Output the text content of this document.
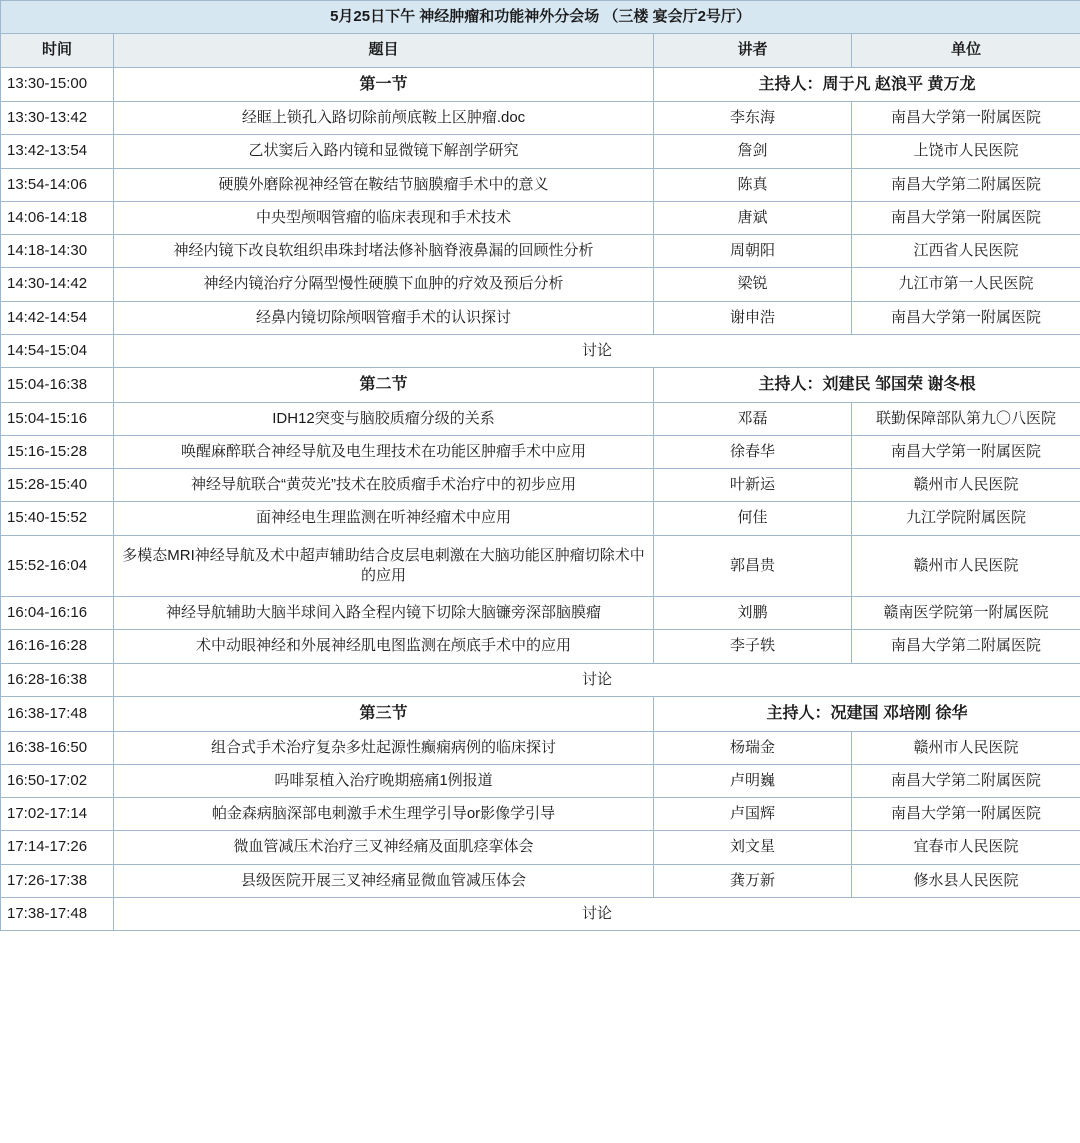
5月25日下午 神经肿瘤和功能神外分会场 （三楼 宴会厅2号厅）			
时间	题目	讲者	单位
13:30-15:00	第一节	主持人：周于凡 赵浪平 黄万龙	
13:30-13:42	经眶上锁孔入路切除前颅底鞍上区肿瘤.doc	李东海	南昌大学第一附属医院
13:42-13:54	乙状窦后入路内镜和显微镜下解剖学研究	詹剑	上饶市人民医院
13:54-14:06	硬膜外磨除视神经管在鞍结节脑膜瘤手术中的意义	陈真	南昌大学第二附属医院
14:06-14:18	中央型颅咽管瘤的临床表现和手术技术	唐斌	南昌大学第一附属医院
14:18-14:30	神经内镜下改良软组织串珠封堵法修补脑脊液鼻漏的回顾性分析	周朝阳	江西省人民医院
14:30-14:42	神经内镜治疗分隔型慢性硬膜下血肿的疗效及预后分析	梁锐	九江市第一人民医院
14:42-14:54	经鼻内镜切除颅咽管瘤手术的认识探讨	谢申浩	南昌大学第一附属医院
14:54-15:04	讨论		
15:04-16:38	第二节	主持人：刘建民 邹国荣 谢冬根	
15:04-15:16	IDH12突变与脑胶质瘤分级的关系	邓磊	联勤保障部队第九〇八医院
15:16-15:28	唤醒麻醉联合神经导航及电生理技术在功能区肿瘤手术中应用	徐春华	南昌大学第一附属医院
15:28-15:40	神经导航联合“黄荧光”技术在胶质瘤手术治疗中的初步应用	叶新运	赣州市人民医院
15:40-15:52	面神经电生理监测在听神经瘤术中应用	何佳	九江学院附属医院
15:52-16:04	多模态MRI神经导航及术中超声辅助结合皮层电刺激在大脑功能区肿瘤切除术中的应用	郭昌贵	赣州市人民医院
16:04-16:16	神经导航辅助大脑半球间入路全程内镜下切除大脑镰旁深部脑膜瘤	刘鹏	赣南医学院第一附属医院
16:16-16:28	术中动眼神经和外展神经肌电图监测在颅底手术中的应用	李子轶	南昌大学第二附属医院
16:28-16:38	讨论		
16:38-17:48	第三节	主持人：况建国 邓培刚 徐华	
16:38-16:50	组合式手术治疗复杂多灶起源性癫痫病例的临床探讨	杨瑞金	赣州市人民医院
16:50-17:02	吗啡泵植入治疗晚期癌痛1例报道	卢明巍	南昌大学第二附属医院
17:02-17:14	帕金森病脑深部电刺激手术生理学引导or影像学引导	卢国辉	南昌大学第一附属医院
17:14-17:26	微血管减压术治疗三叉神经痛及面肌痉挛体会	刘文星	宜春市人民医院
17:26-17:38	县级医院开展三叉神经痛显微血管减压体会	龚万新	修水县人民医院
17:38-17:48	讨论		
